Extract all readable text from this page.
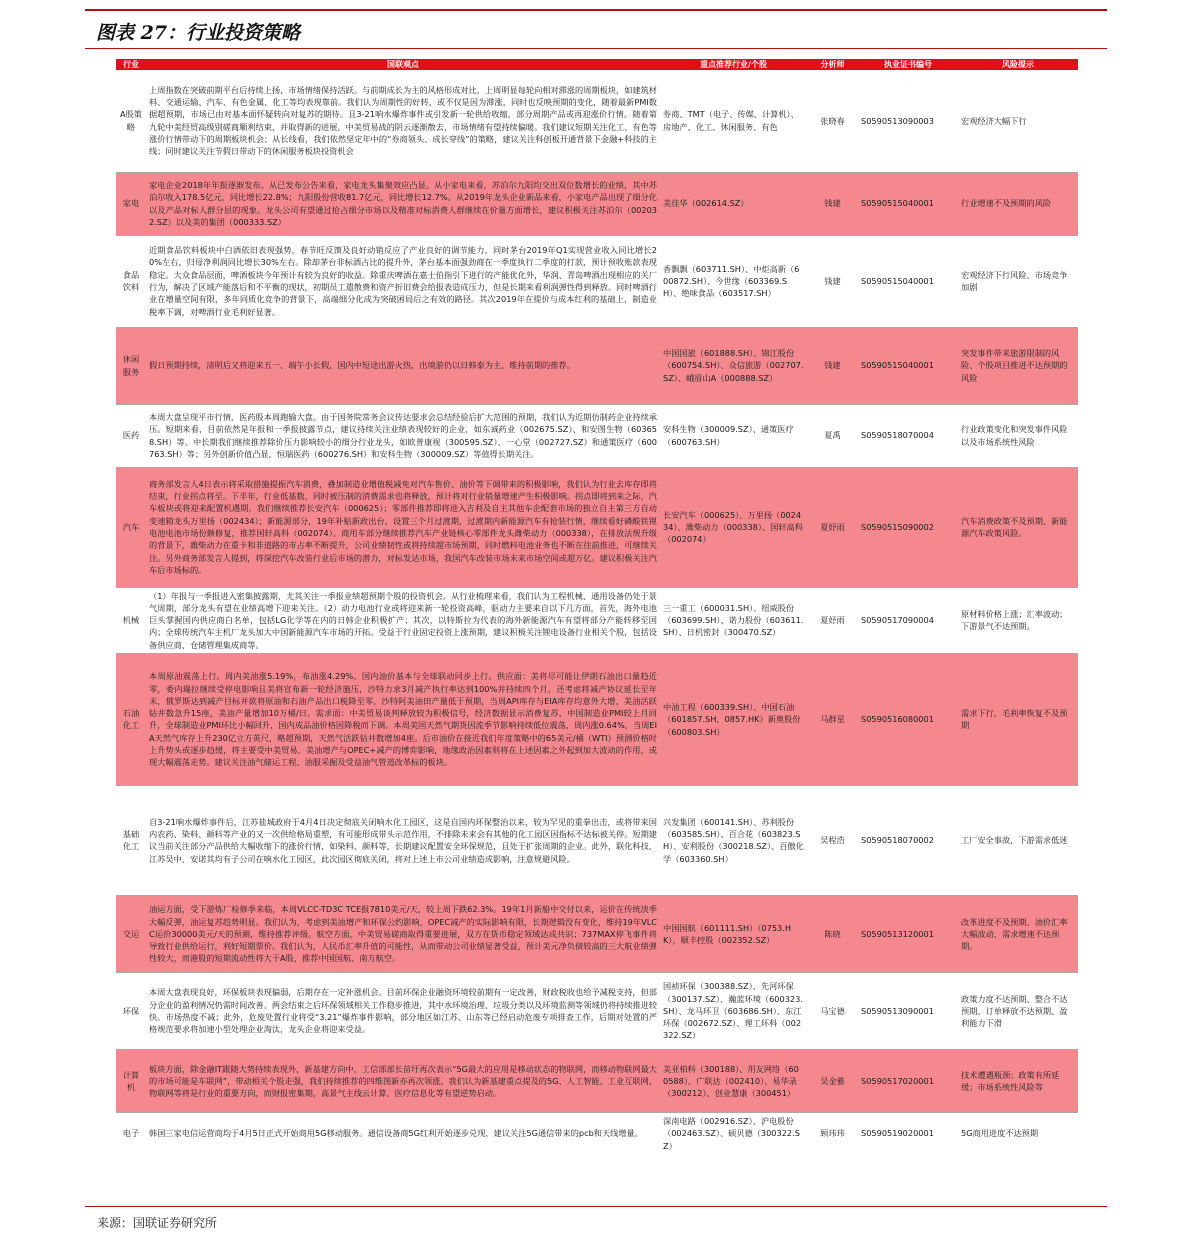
图表 27：行业投资策略
行业	国联观点	重点推荐行业/个股	分析师	执业证书编号	风险提示
A股策略	上周指数在突破前期平台后持续上扬，市场情绪保持活跃。与前期成长为主的风格形成对比，上周明显每轮向相对滞涨的周期板块，如建筑材料、交通运输、汽车、有色金属、化工等均表现靠前。我们认为周期性的好转，或不仅是因为滞涨，同时也反映预期的变化，随着最新PMI数据超预期，市场已由对基本面怀疑转向对复苏的期待。且3-21响水爆炸事件或引发新一轮供给收缩，部分周期产品或再迎涨价行情。随着第九轮中美经贸高级别磋商顺利结束，并取得新的进展，中美贸易战的阴云逐渐散去，市场情绪有望持续偏暖。我们建议短期关注化工、有色等涨价行情带动下的周期板块机会；从长线看，我们依然坚定年中的“券商领头、成长穿线”的策略，建议关注科创板开通背景下金融+科技的主线；同时建议关注节假日带动下的休闲服务板块投资机会	券商、TMT（电子、传媒、计算机）、房地产、化工、休闲服务、有色	张晓春	S0590513090003	宏观经济大幅下行
家电	家电企业2018年年报逐渐发布。从已发布公告来看，家电龙头集聚效应凸显。从小家电来看，苏泊尔九阳均交出双位数增长的业绩，其中苏泊尔收入178.5亿元，同比增长22.8%；九阳股份营收81.7亿元，同比增长12.7%。从2019年龙头企业新品来看，小家电产品出现了细分化以及产品对标人群分层的现象。龙头公司有望通过抢占细分市场以及精准对标消费人群继续在价量方面增长，建议积极关注苏泊尔（002032.SZ）以及美的集团（000333.SZ）	美佳华（002614.SZ）	钱建	S0590515040001	行业增速不及预期的风险
食品饮料	近期食品饮料板块中白酒依旧表现强势，春节旺反馈及良好动销反应了产业良好的调节能力，同时茅台2019年Q1实现营业收入同比增长20%左右，归母净利润同比增长30%左右。除却茅台非标酒占比的提升外，茅台基本面强劲商在一季度执行二季度的打款，预计预收账款表现稳定。大众食品层面，啤酒板块今年预计有较为良好的收益。除重庆啤酒在嘉士伯指引下进行的产能优化外，华润、青岛啤酒出现相应的关厂行为，解决了区域产能落后和不平衡的现状，初期员工遣散费和资产折旧费会给报表造成压力，但是长期来看利润弹性得到释放。同时啤酒行业在增量空间有限，多年同质化竞争的背景下，高端细分化成为突破困局后之有效的路径。其次2019年在提价与成本红利的基础上，制造业税率下调，对啤酒行业毛利好显著。	香飘飘（603711.SH）、中炬高新（600872.SH）、今世缘（603369.SH）、绝味食品（603517.SH）	钱建	S0590515040001	宏观经济下行风险、市场竞争加剧
休闲服务	假日预期持续，清明后又将迎来五一、端午小长假，国内中短途出游火热，出境游仍以日韩泰为主，维持前期的推荐。	中国国旅（601888.SH）、锦江股份（600754.SH）、众信旅游（002707.SZ）、峨眉山A（000888.SZ）	钱建	S0590515040001	突发事件带来旅游限制的风险、个股项目推进不达预期的风险
医药	本周大盘呈现平市行情，医药股本周跑输大盘。由于国务院常务会议传达要求会总结经验后扩大范围的预期，我们认为近期仿制药企业持续承压。短期来看，目前依然是年报和一季报披露节点，建议持续关注业绩表现较好的企业，如东诚药业（002675.SZ）、和安图生物（603658.SH）等。中长期我们继续推荐除价压力影响较小的细分行业龙头，如欧普康视（300595.SZ）、一心堂（002727.SZ）和通策医疗（600763.SH）等；另外创新价值凸显，恒瑞医药（600276.SH）和安科生物（300009.SZ）等值得长期关注。	安科生物（300009.SZ）、通策医疗（600763.SH）	夏禹	S0590518070004	行业政策变化和突发事件风险以及市场系统性风险
汽车	商务部发言人4日表示将采取措施提振汽车消费，叠加制造业增值税减免对汽车售价、油价等下调带来的积极影响，我们认为行业去库存即将结束，行业拐点将至。下半年，行业低基数，同时被压制的消费需求也将释放，预计将对行业销量增速产生积极影响。拐点即将到来之际，汽车板块或将迎来配置机遇期，我们继续推荐长安汽车（000625）；零部件推荐即将进入吉利及自主其他车企配套市场的独立自主第三方自动变速箱龙头万里扬（002434）；新能源部分，19年补贴新政出台，设置三个月过渡期，过渡期内新能源汽车有抢装行情，继续看好磷酸铁锂电池电池市场份额修复，推荐国轩高科（002074）。商用车部分继续推荐汽车产业链核心零部件龙头潍柴动力（000338），在排放法规升级的背景下，潍柴动力在重卡和非道路的市占率不断提升，公司业绩韧性或将持续超市场预期，同时燃料电池业务也不断在往前推进，可继续关注。另外商务部发言人提到，将深挖汽车改装行业后市场的潜力，对标发达市场，我国汽车改装市场未来市场空间或超万亿。建议积极关注汽车后市场标的。	长安汽车（000625）、万里扬（002434）、潍柴动力（000338）、国轩高科（002074）	夏妤雨	S0590515090002	汽车消费政策不及预期、新能源汽车政策风险。
机械	（1）年报与一季报进入密集披露期，尤其关注一季报业绩超预期个股的投资机会。从行业梳理来看，我们认为工程机械、通用设备仍处于景气周期，部分龙头有望在业绩高增下迎来关注。（2）动力电池行业或将迎来新一轮投资高峰，驱动力主要来自以下几方面，首先，海外电池巨头掌握国内供应商白名单，包括LG化学等在内的日韩企业积极扩产；其次，以特斯拉为代表的海外新能源汽车有望将部分产能转移至国内；全球传统汽车主机厂龙头加大中国新能源汽车市场的开拓。受益于行业固定投资上涨预期，建议积极关注锂电设备行业相关个股，包括设备供应商、仓储管理集成商等。	三一重工（600031.SH）、纽威股份（603699.SH）、诺力股份（603611.SH）、日机密封（300470.SZ）	夏妤雨	S0590517090004	原材料价格上涨；汇率波动；下游景气不达预期。
石油化工	本周原油震荡上行。周内美油涨5.19%，布油涨4.29%。国内油价基本与全球联动同步上行。供应面：美将尽可能让伊朗石油出口量趋近零，委内瑞拉继续受停电影响且美将宣布新一轮经济施压，沙特力求3月减产执行率达到100%并持续四个月，还考虑将减产协议延长至年末，俄罗斯达到减产目标并欲将原油和石油产品出口税降至零，沙特阿美油田产量低于预期，当周API库存与EIA库存均意外大增，美油活跃钻井数急升15座，美油产量增加10万桶/日。需求面：中美贸易谈判释放较为积极信号，经济数据显示消费复苏，中国制造业PMI较上月回升，全球制造业PMI环比小幅回升，国内成品油价格因降税而下调。本周美国天然气期货因流季节影响持续低位震荡，周内涨0.64%，当周EIA天然气库存上升230亿立方英尺，略超预期，天然气活跃钻井数增加4座。后市油价在接近我们年度策略中的65美元/桶（WTI）预测价格时上升势头或逐步趋缓，将主要受中美贸易、美油增产与OPEC+减产的博弈影响，地缘政治因素则将在上述因素之外起到加大波动的作用，或现大幅震荡走势。建议关注油气储运工程、油服采掘及受益油气管道改革标的板块。	中油工程（600339.SH）、中国石油（601857.SH，0857.HK）新奥股份（600803.SH）	马群星	S0590516080001	需求下行，毛利率恢复不及预期
基础化工	自3-21响水爆炸事件后，江苏盐城政府于4月4日决定彻底关闭响水化工园区，这是自国内环保整治以来，较为罕见的重拳出击，或将带来国内农药、染料、颜料等产业的又一次供给格局重塑，有可能形成带头示范作用，不排除未来会有其他的化工园区因指标不达标被关停。短期建议当前关注部分产品供给大幅收缩下的涨价行情，如染料、颜料等，长期建议配置安全环保规范，且处于扩张周期的企业。此外，联化科技、江苏吴中、安诺其均有子公司在响水化工园区，此次园区彻底关闭，将对上述上市公司业绩造成影响，注意规避风险。	兴发集团（600141.SH）、苏利股份（603585.SH）、百合花（603823.SH）、安利股份（300218.SZ）、百傲化学（603360.SH）	吴程浩	S0590518070002	工厂安全事故，下游需求低迷
交运	油运方面，受下游炼厂检修季来临，本周VLCC-TD3C TCE报7810美元/天，较上周下跌62.3%。19年1月新船中交付以来，运价在传统淡季大幅反弹，油运复苏趋势明显。我们认为，考虑到美油增产和环保公约影响，OPEC减产的实际影响有限，长期逻辑没有变化，维持19年VLCC运价30000美元/天的预测，维持推荐评级。航空方面，中美贸易磋商取得重要进展，双方在货币稳定领域达成共识；737MAX停飞事件将导致行业供给运行，利好短期票价。我们认为，人民币汇率升值的可能性，从而带动公司业绩显著受益，预计美元净负债较高的三大航业绩弹性较大，而港股的短期流动性将大于A股，推荐中国国航、南方航空。	中国国航（601111.SH）（0753.HK），顺丰控股（002352.SZ）	陈晓	S0590513120001	改革进度不及预期、油价汇率大幅波动、需求增速不达预期。
环保	本周大盘表现良好，环保板块表现偏弱，后期存在一定补涨机会。目前环保企业融资环境较前期有一定改善，财政税收也给予减税支持，但部分企业的盈利情况仍需时间改善。两会结束之后环保领域相关工作稳步推进，其中水环境治理、垃圾分类以及环境监测等领域仍将持续推进较快。市场热度不减；此外，危废处置行业将受“3.21”爆炸事件影响，部分地区如江苏、山东等已经启动危废专项排查工作，后期对处置的严格规范要求将加速小型处理企业淘汰，龙头企业将迎来受益。	国祯环保（300388.SZ）、先河环保（300137.SZ）、瀚蓝环境（600323.SH）、龙马环卫（603686.SH）、东江环保（002672.SZ）、理工环科（002322.SZ）	马宝德	S0590513090001	政策力度不达预期、整合不达预期、订单释放不达预期、盈利能力下滑
计算机	板块方面，除金融IT跟随大势持续表现外，新基建方向中，工信部部长苗圩再次表示“5G最大的应用是移动状态的物联网，而移动物联网最大的市场可能是车联网”，带动相关个股走强，我们持续推荐的四维图新亦再次领涨。我们认为新基建重点提及的5G、人工智能、工业互联网、物联网等将是行业的重要方向，而财报密集期，高景气主线云计算、医疗信息化等有望逆势启动。	美亚柏科（300188）、用友网络（600588）、广联达（002410）、易华录（300212）、创业慧康（300451）	吴金雅	S0590517020001	技术遭遇瓶颈；政策有所延缓；市场系统性风险等
电子	韩国三家电信运营商均于4月5日正式开始商用5G移动服务。通信设备商5G红利开始逐步兑现，建议关注5G通信带来的pcb和天线增量。	深南电路（002916.SZ）、沪电股份（002463.SZ）、硕贝德（300322.SZ）	顾玮玮	S0590519020001	5G商用进度不达预期
来源：国联证券研究所
